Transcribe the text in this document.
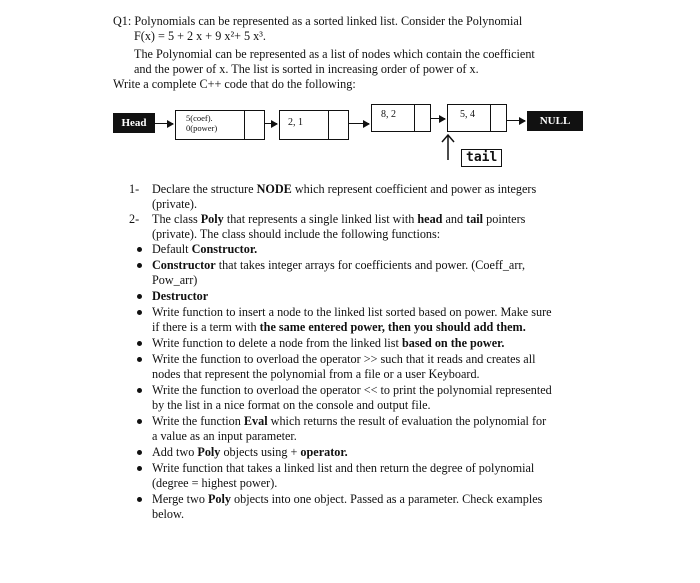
Q1: Polynomials can be represented as a sorted linked list. Consider the Polynomial
F(x) = 5 + 2 x + 9 x²+ 5 x³.
The Polynomial can be represented as a list of nodes which contain the coefficient
and the power of x. The list is sorted in increasing order of power of x.
Write a complete C++ code that do the following:
Head	5(coef).
0(power)	2, 1
8, 2	5, 4
NULL
tail
1- Declare the structure NODE which represent coefficient and power as integers
(private).
2- The class Poly that represents a single linked list with head and tail pointers
(private). The class should include the following functions:
Default Constructor.
Constructor that takes integer arrays for coefficients and power. (Coeff_arr,
Pow_arr)
Destructor
Write function to insert a node to the linked list sorted based on power. Make sure
if there is a term with the same entered power, then you should add them.
Write function to delete a node from the linked list based on the power.
Write the function to overload the operator >> such that it reads and creates all
nodes that represent the polynomial from a file or a user Keyboard.
Write the function to overload the operator << to print the polynomial represented
by the list in a nice format on the console and output file.
Write the function Eval which returns the result of evaluation the polynomial for
a value as an input parameter.
Add two Poly objects using + operator.
Write function that takes a linked list and then return the degree of polynomial
(degree = highest power).
Merge two Poly objects into one object. Passed as a parameter. Check examples
below.
